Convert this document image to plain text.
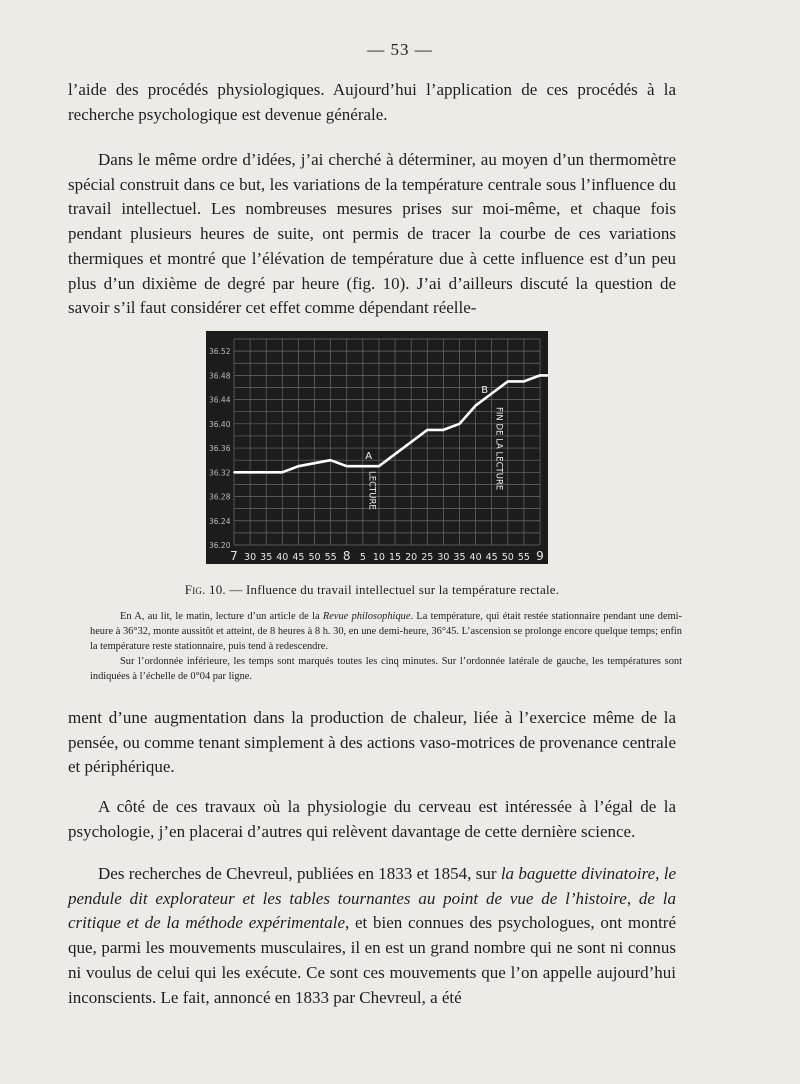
— 53 —

l’aide des procédés physiologiques. Aujourd’hui l’application de ces procédés à la recherche psychologique est devenue générale.

Dans le même ordre d’idées, j’ai cherché à déterminer, au moyen d’un thermomètre spécial construit dans ce but, les variations de la température centrale sous l’influence du travail intellectuel. Les nombreuses mesures prises sur moi-même, et chaque fois pendant plusieurs heures de suite, ont permis de tracer la courbe de ces variations thermiques et montré que l’élévation de température due à cette influence est d’un peu plus d’un dixième de degré par heure (fig. 10). J’ai d’ailleurs discuté la question de savoir s’il faut considérer cet effet comme dépendant réelle-

36.20
36.24
36.28
36.32
36.36
36.40
36.44
36.48
36.52
7 30 35 40 45 50 55 8 5 10 15 20 25 30 35 40 45 50 55 9
A
LECTURE
B
FIN DE LA LECTURE
Fig. 10. — Influence du travail intellectuel sur la température rectale.

En A, au lit, le matin, lecture d’un article de la Revue philosophique. La température, qui était restée stationnaire pendant une demi-heure à 36°32, monte aussitôt et atteint, de 8 heures à 8 h. 30, en une demi-heure, 36°45. L’ascension se prolonge encore quelque temps; enfin la température reste stationnaire, puis tend à redescendre.

Sur l’ordonnée inférieure, les temps sont marqués toutes les cinq minutes. Sur l’ordonnée latérale de gauche, les températures sont indiquées à l’échelle de 0°04 par ligne.

ment d’une augmentation dans la production de chaleur, liée à l’exercice même de la pensée, ou comme tenant simplement à des actions vaso-motrices de provenance centrale et périphérique.

A côté de ces travaux où la physiologie du cerveau est intéressée à l’égal de la psychologie, j’en placerai d’autres qui relèvent davantage de cette dernière science.

Des recherches de Chevreul, publiées en 1833 et 1854, sur la baguette divinatoire, le pendule dit explorateur et les tables tournantes au point de vue de l’histoire, de la critique et de la méthode expérimentale, et bien connues des psychologues, ont montré que, parmi les mouvements musculaires, il en est un grand nombre qui ne sont ni connus ni voulus de celui qui les exécute. Ce sont ces mouvements que l’on appelle aujourd’hui inconscients. Le fait, annoncé en 1833 par Chevreul, a été
